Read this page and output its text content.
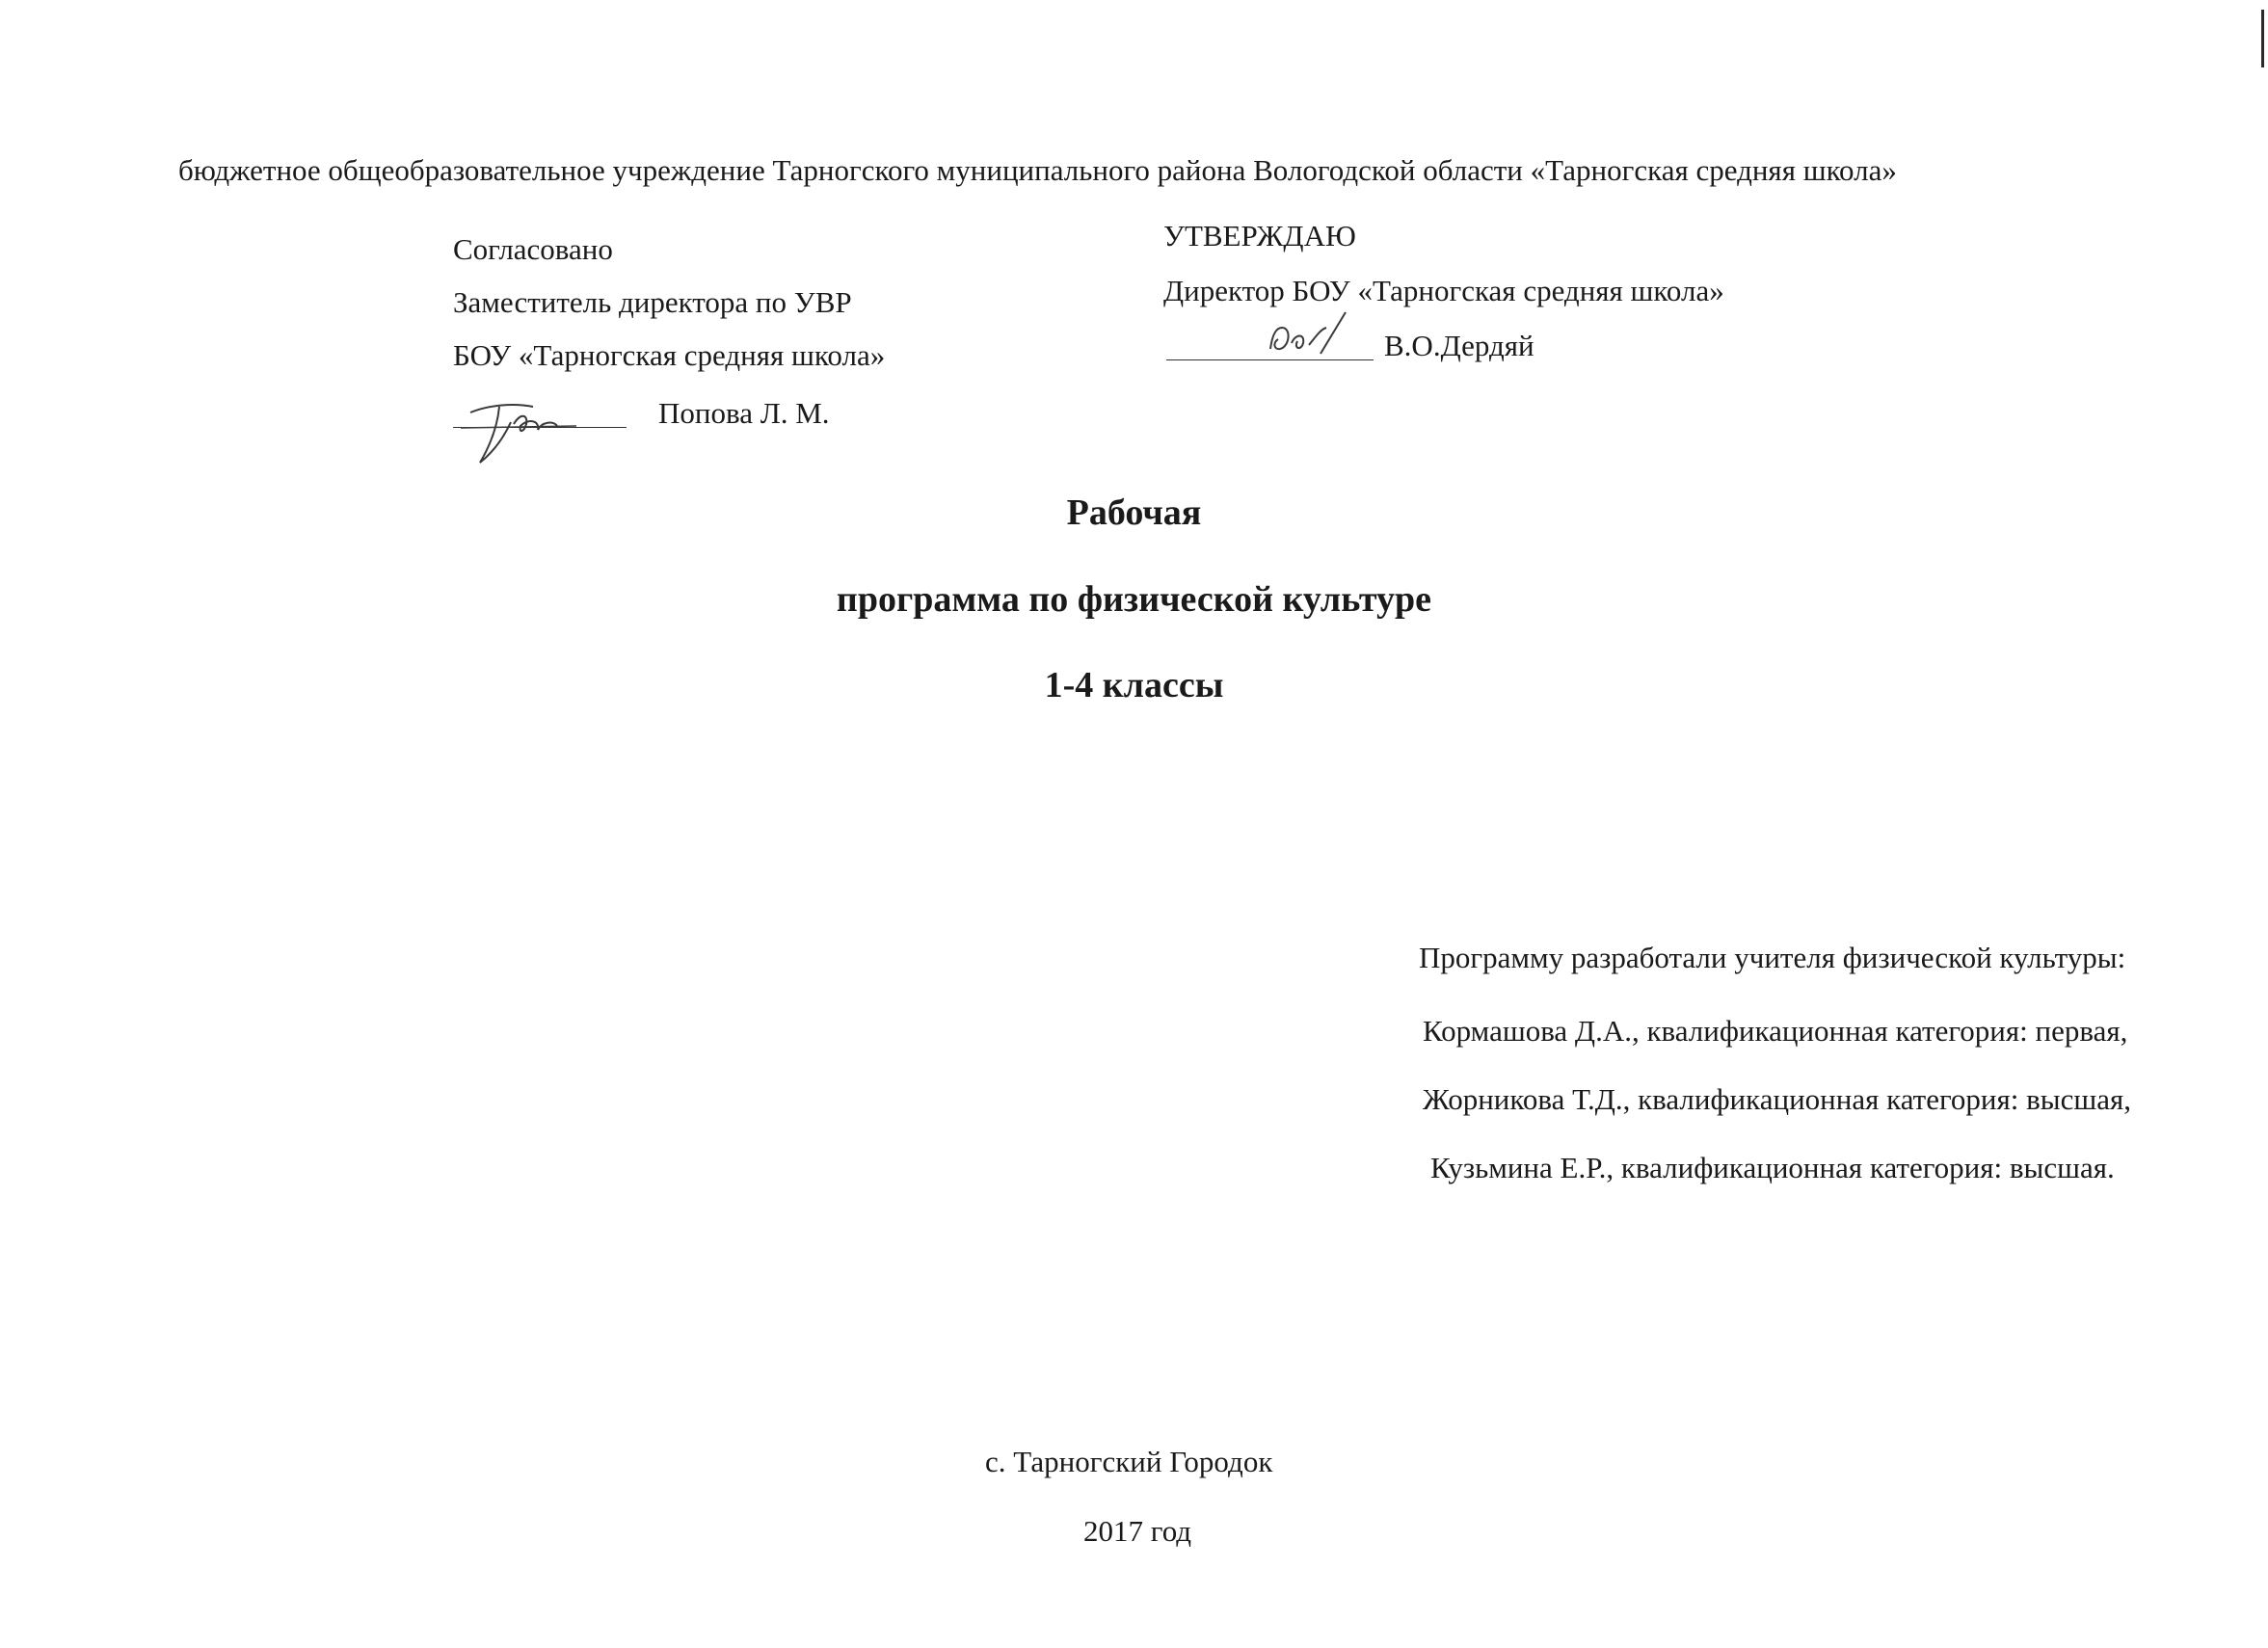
бюджетное общеобразовательное учреждение Тарногского муниципального района Вологодской области «Тарногская средняя школа»
Согласовано
Заместитель директора по УВР
БОУ «Тарногская средняя школа»
Попова Л. М.
УТВЕРЖДАЮ
Директор БОУ «Тарногская средняя школа»
В.О.Дердяй
Рабочая
программа по физической культуре
1-4 классы
Программу разработали учителя физической культуры:
Кормашова Д.А., квалификационная категория: первая,
Жорникова Т.Д., квалификационная категория: высшая,
Кузьмина Е.Р., квалификационная категория: высшая.
с. Тарногский Городок
2017 год
